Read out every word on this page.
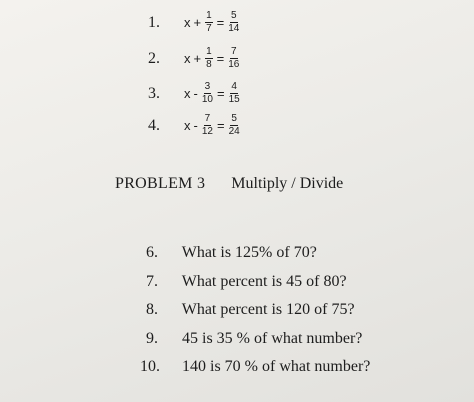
1.	$x + \frac{1}{7} = \frac{5}{14}$
2.	$x + \frac{1}{8} = \frac{7}{16}$
3.	$x - \frac{3}{10} = \frac{4}{15}$
4.	$x - \frac{7}{12} = \frac{5}{24}$
PROBLEM 3 Multiply / Divide
6. What is 125% of 70?
7. What percent is 45 of 80?
8. What percent is 120 of 75?
9. 45 is 35 % of what number?
10. 140 is 70 % of what number?
